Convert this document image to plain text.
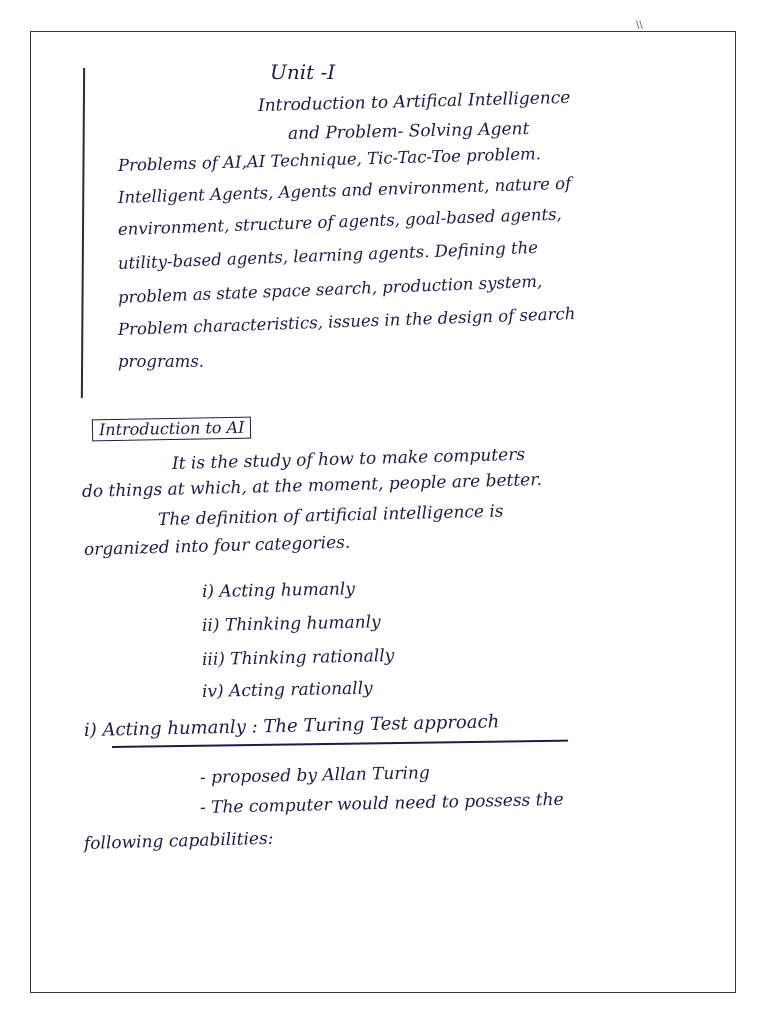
\\
Unit -I
Introduction to Artifical Intelligence
and Problem- Solving Agent
Problems of AI,AI Technique, Tic-Tac-Toe problem.
Intelligent Agents, Agents and environment, nature of
environment, structure of agents, goal-based agents,
utility-based agents, learning agents. Defining the
problem as state space search, production system,
Problem characteristics, issues in the design of search
programs.
Introduction to AI
It is the study of how to make computers
do things at which, at the moment, people are better.
The definition of artificial intelligence is
organized into four categories.
i) Acting humanly
ii) Thinking humanly
iii) Thinking rationally
iv) Acting rationally
i) Acting humanly : The Turing Test approach
- proposed by Allan Turing
- The computer would need to possess the
following capabilities:
